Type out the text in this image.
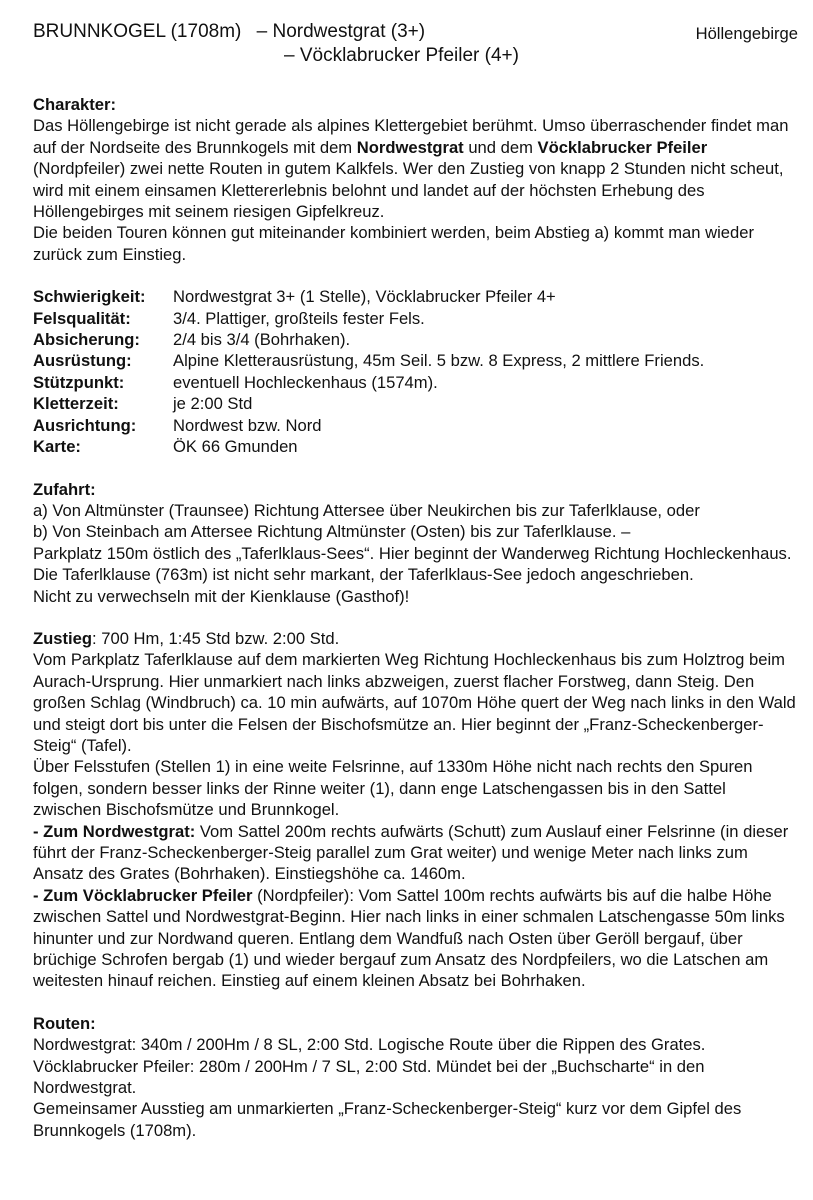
BRUNNKOGEL (1708m) – Nordwestgrat (3+)	Höllengebirge
– Vöcklabrucker Pfeiler (4+)
Charakter:

Das Höllengebirge ist nicht gerade als alpines Klettergebiet berühmt. Umso überraschender findet man auf der Nordseite des Brunnkogels mit dem Nordwestgrat und dem Vöcklabrucker Pfeiler (Nordpfeiler) zwei nette Routen in gutem Kalkfels. Wer den Zustieg von knapp 2 Stunden nicht scheut, wird mit einem einsamen Klettererlebnis belohnt und landet auf der höchsten Erhebung des Höllengebirges mit seinem riesigen Gipfelkreuz.

Die beiden Touren können gut miteinander kombiniert werden, beim Abstieg a) kommt man wieder zurück zum Einstieg.

Schwierigkeit:	Nordwestgrat 3+ (1 Stelle), Vöcklabrucker Pfeiler 4+
Felsqualität:	3/4. Plattiger, großteils fester Fels.
Absicherung:	2/4 bis 3/4 (Bohrhaken).
Ausrüstung:	Alpine Kletterausrüstung, 45m Seil. 5 bzw. 8 Express, 2 mittlere Friends.
Stützpunkt:	eventuell Hochleckenhaus (1574m).
Kletterzeit:	je 2:00 Std
Ausrichtung:	Nordwest bzw. Nord
Karte:	ÖK 66 Gmunden
Zufahrt:

a) Von Altmünster (Traunsee) Richtung Attersee über Neukirchen bis zur Taferlklause, oder

b) Von Steinbach am Attersee Richtung Altmünster (Osten) bis zur Taferlklause. –

Parkplatz 150m östlich des „Taferlklaus-Sees“. Hier beginnt der Wanderweg Richtung Hochleckenhaus.

Die Taferlklause (763m) ist nicht sehr markant, der Taferlklaus-See jedoch angeschrieben.

Nicht zu verwechseln mit der Kienklause (Gasthof)!

Zustieg: 700 Hm, 1:45 Std bzw. 2:00 Std.

Vom Parkplatz Taferlklause auf dem markierten Weg Richtung Hochleckenhaus bis zum Holztrog beim Aurach-Ursprung. Hier unmarkiert nach links abzweigen, zuerst flacher Forstweg, dann Steig. Den großen Schlag (Windbruch) ca. 10 min aufwärts, auf 1070m Höhe quert der Weg nach links in den Wald und steigt dort bis unter die Felsen der Bischofsmütze an. Hier beginnt der „Franz-Scheckenberger-Steig“ (Tafel).

Über Felsstufen (Stellen 1) in eine weite Felsrinne, auf 1330m Höhe nicht nach rechts den Spuren folgen, sondern besser links der Rinne weiter (1), dann enge Latschengassen bis in den Sattel zwischen Bischofsmütze und Brunnkogel.

- Zum Nordwestgrat: Vom Sattel 200m rechts aufwärts (Schutt) zum Auslauf einer Felsrinne (in dieser führt der Franz-Scheckenberger-Steig parallel zum Grat weiter) und wenige Meter nach links zum Ansatz des Grates (Bohrhaken). Einstiegshöhe ca. 1460m.

- Zum Vöcklabrucker Pfeiler (Nordpfeiler): Vom Sattel 100m rechts aufwärts bis auf die halbe Höhe zwischen Sattel und Nordwestgrat-Beginn. Hier nach links in einer schmalen Latschengasse 50m links hinunter und zur Nordwand queren. Entlang dem Wandfuß nach Osten über Geröll bergauf, über brüchige Schrofen bergab (1) und wieder bergauf zum Ansatz des Nordpfeilers, wo die Latschen am weitesten hinauf reichen. Einstieg auf einem kleinen Absatz bei Bohrhaken.

Routen:

Nordwestgrat: 340m / 200Hm / 8 SL, 2:00 Std. Logische Route über die Rippen des Grates.

Vöcklabrucker Pfeiler: 280m / 200Hm / 7 SL, 2:00 Std. Mündet bei der „Buchscharte“ in den Nordwestgrat.

Gemeinsamer Ausstieg am unmarkierten „Franz-Scheckenberger-Steig“ kurz vor dem Gipfel des Brunnkogels (1708m).
